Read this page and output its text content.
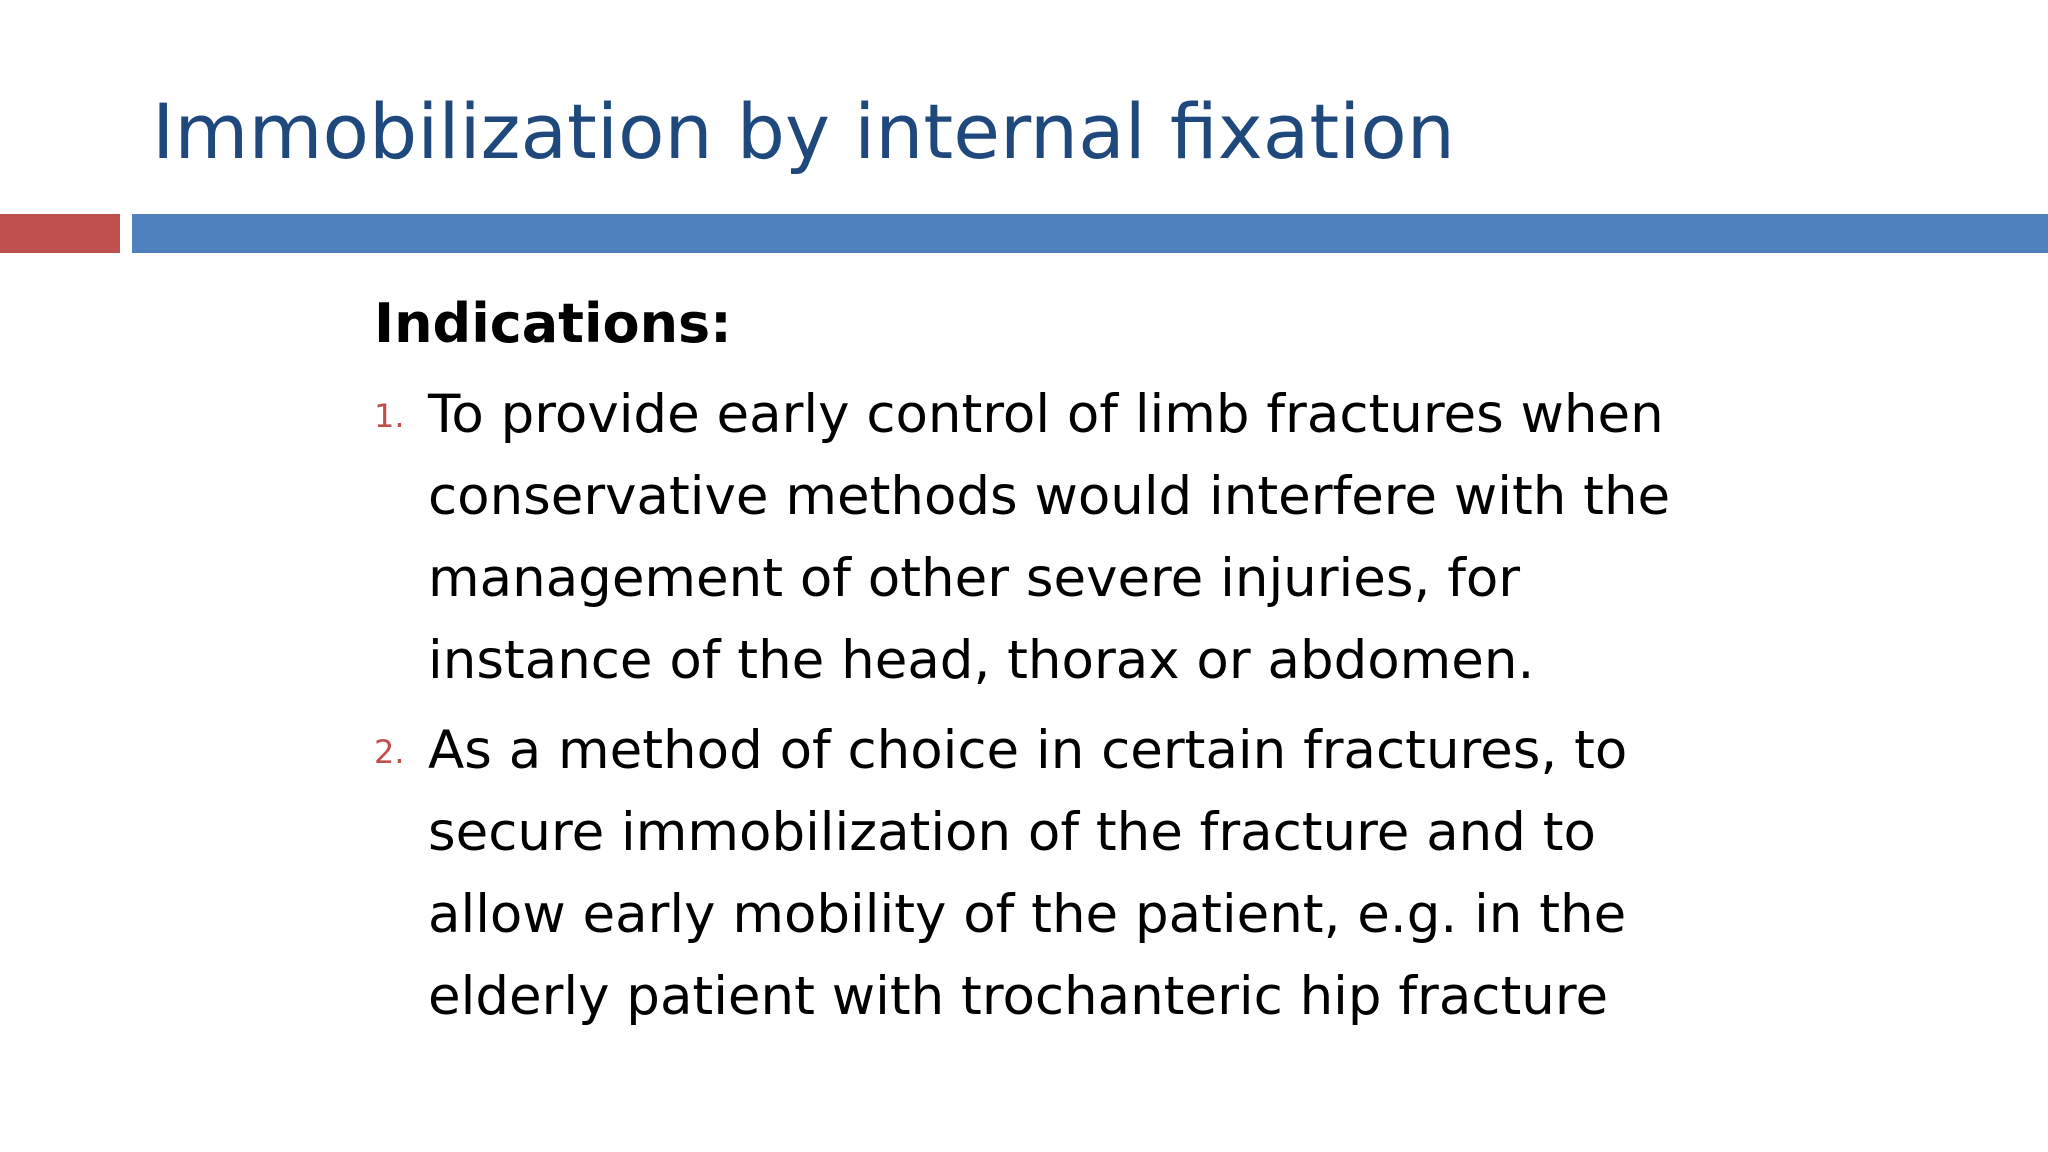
Immobilization by internal fixation
Indications:
1. To provide early control of limb fractures when
conservative methods would interfere with the
management of other severe injuries, for
instance of the head, thorax or abdomen.
2. As a method of choice in certain fractures, to
secure immobilization of the fracture and to
allow early mobility of the patient, e.g. in the
elderly patient with trochanteric hip fracture
